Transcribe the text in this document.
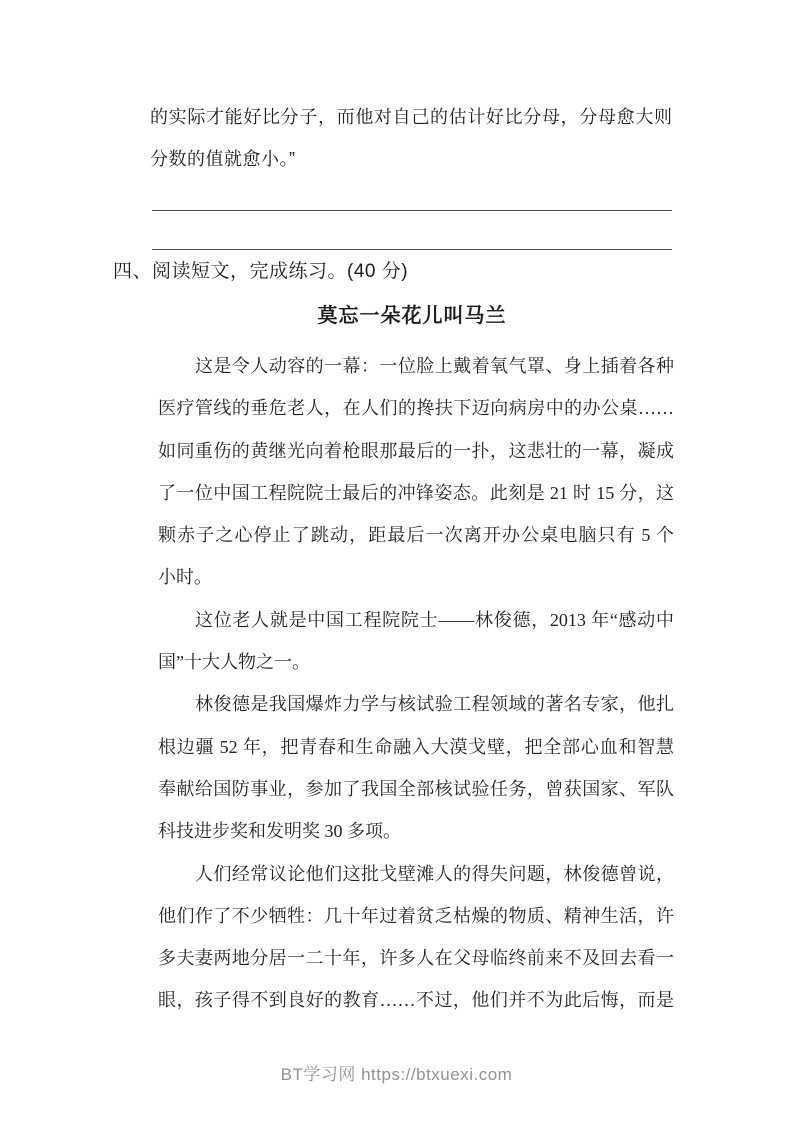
的实际才能好比分子，而他对自己的估计好比分母，分母愈大则
分数的值就愈小。”
四、阅读短文，完成练习。(40 分)
莫忘一朵花儿叫马兰
这是令人动容的一幕：一位脸上戴着氧气罩、身上插着各种
医疗管线的垂危老人，在人们的搀扶下迈向病房中的办公桌……
如同重伤的黄继光向着枪眼那最后的一扑，这悲壮的一幕，凝成
了一位中国工程院院士最后的冲锋姿态。此刻是 21 时 15 分，这
颗赤子之心停止了跳动，距最后一次离开办公桌电脑只有 5 个
小时。
这位老人就是中国工程院院士——林俊德，2013 年“感动中
国”十大人物之一。
林俊德是我国爆炸力学与核试验工程领域的著名专家，他扎
根边疆 52 年，把青春和生命融入大漠戈壁，把全部心血和智慧
奉献给国防事业，参加了我国全部核试验任务，曾获国家、军队
科技进步奖和发明奖 30 多项。
人们经常议论他们这批戈壁滩人的得失问题，林俊德曾说，
他们作了不少牺牲：几十年过着贫乏枯燥的物质、精神生活，许
多夫妻两地分居一二十年，许多人在父母临终前来不及回去看一
眼，孩子得不到良好的教育……不过，他们并不为此后悔，而是
BT学习网 https://btxuexi.com
